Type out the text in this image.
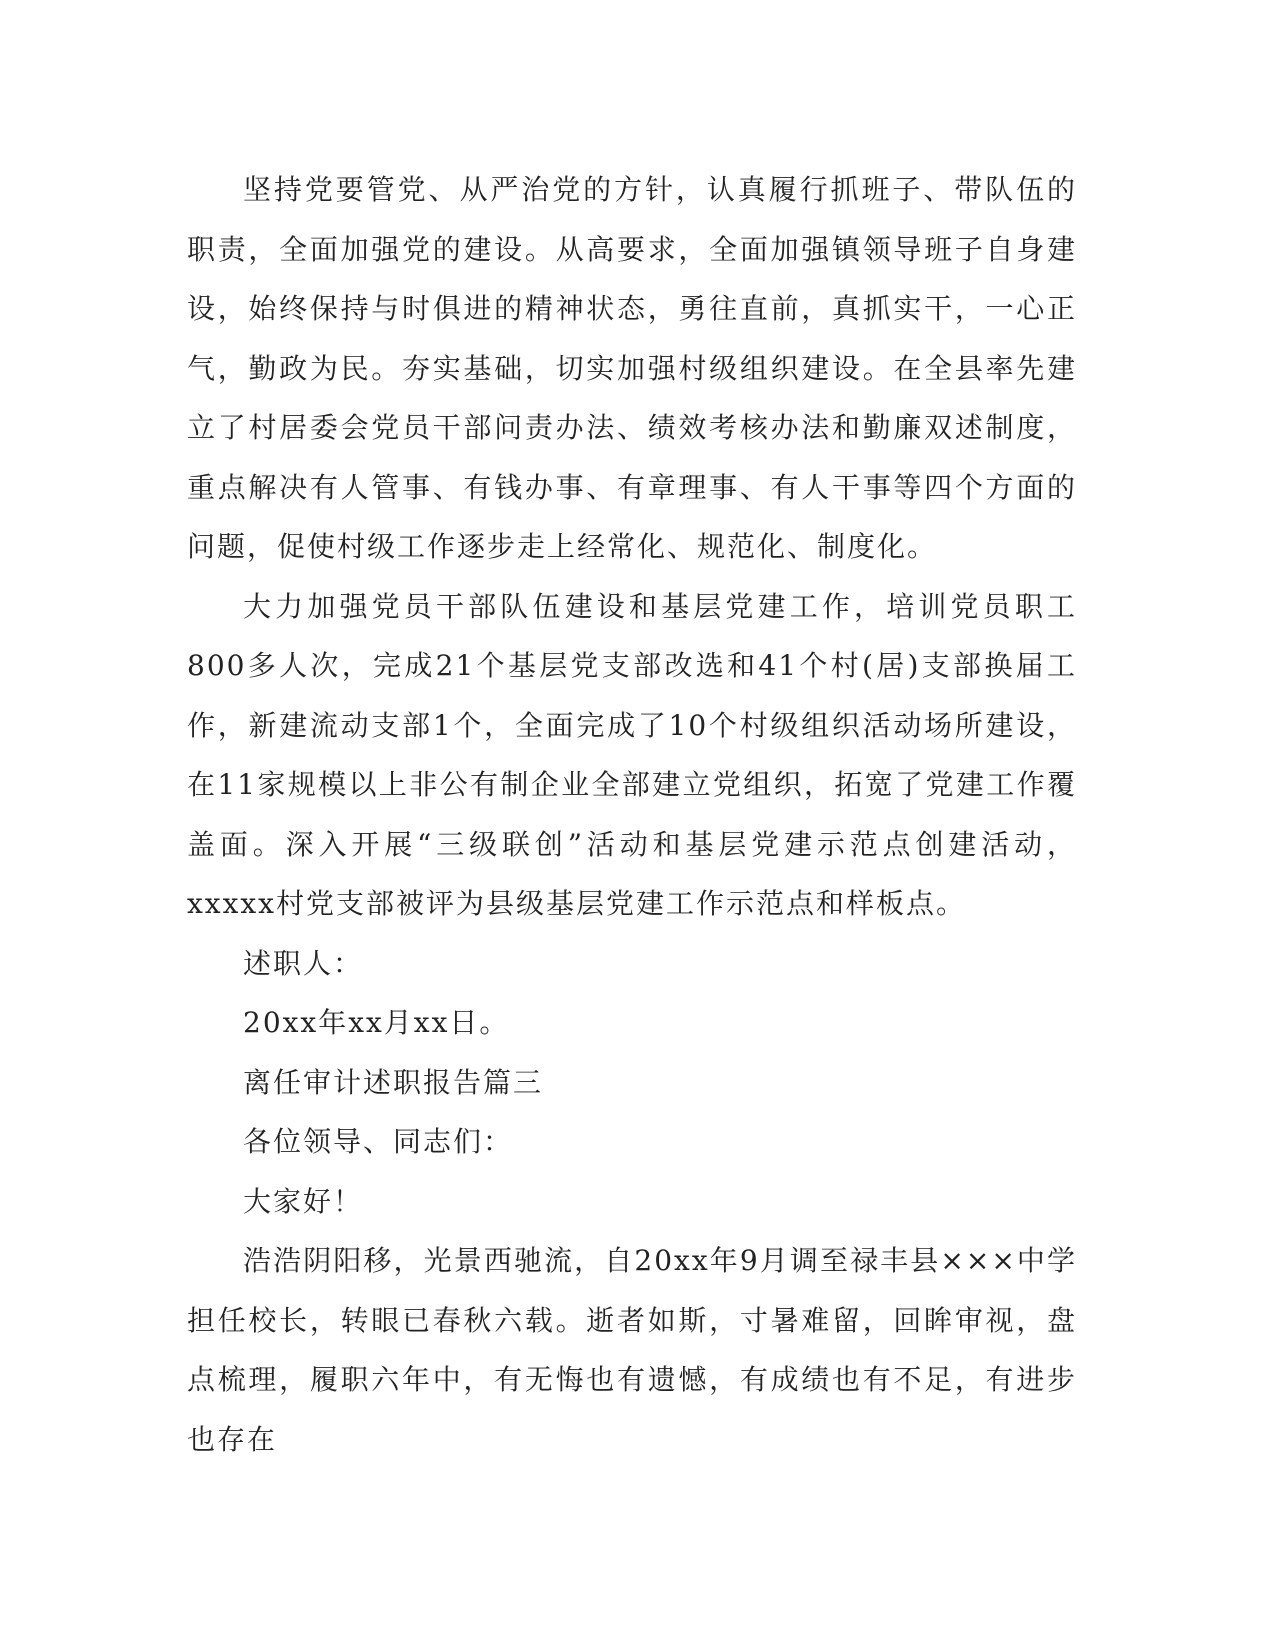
坚持党要管党、从严治党的方针，认真履行抓班子、带队伍的职责，全面加强党的建设。从高要求，全面加强镇领导班子自身建设，始终保持与时俱进的精神状态，勇往直前，真抓实干，一心正气，勤政为民。夯实基础，切实加强村级组织建设。在全县率先建立了村居委会党员干部问责办法、绩效考核办法和勤廉双述制度，重点解决有人管事、有钱办事、有章理事、有人干事等四个方面的问题，促使村级工作逐步走上经常化、规范化、制度化。

大力加强党员干部队伍建设和基层党建工作，培训党员职工800多人次，完成21个基层党支部改选和41个村(居)支部换届工作，新建流动支部1个，全面完成了10个村级组织活动场所建设，在11家规模以上非公有制企业全部建立党组织，拓宽了党建工作覆盖面。深入开展“三级联创”活动和基层党建示范点创建活动，xxxxx村党支部被评为县级基层党建工作示范点和样板点。

述职人：

20xx年xx月xx日。

离任审计述职报告篇三

各位领导、同志们：

大家好！

浩浩阴阳移，光景西驰流，自20xx年9月调至禄丰县×××中学担任校长，转眼已春秋六载。逝者如斯，寸暑难留，回眸审视，盘点梳理，履职六年中，有无悔也有遗憾，有成绩也有不足，有进步也存在
